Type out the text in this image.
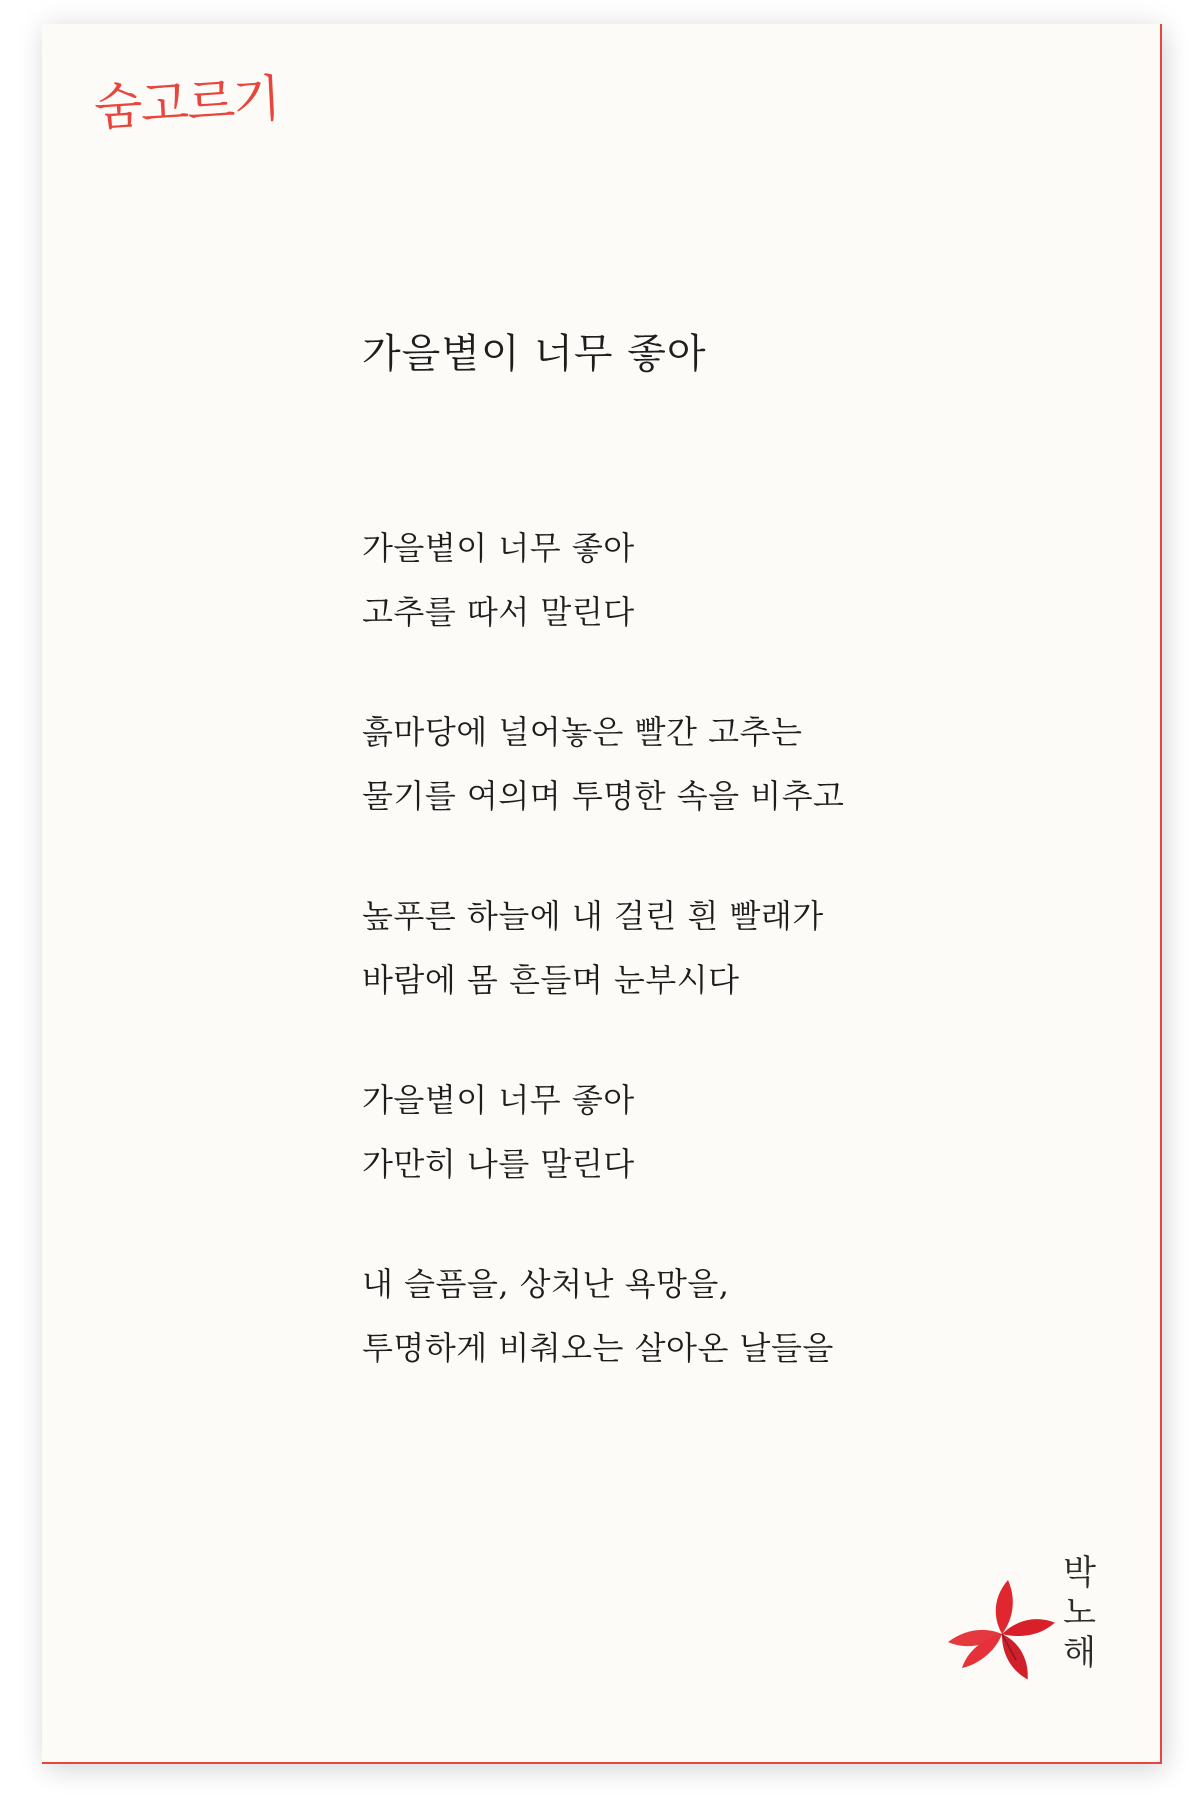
숨고르기
가을볕이 너무 좋아
가을볕이 너무 좋아
고추를 따서 말린다
흙마당에 널어놓은 빨간 고추는
물기를 여의며 투명한 속을 비추고
높푸른 하늘에 내 걸린 흰 빨래가
바람에 몸 흔들며 눈부시다
가을볕이 너무 좋아
가만히 나를 말린다
내 슬픔을, 상처난 욕망을,
투명하게 비춰오는 살아온 날들을
박노해
